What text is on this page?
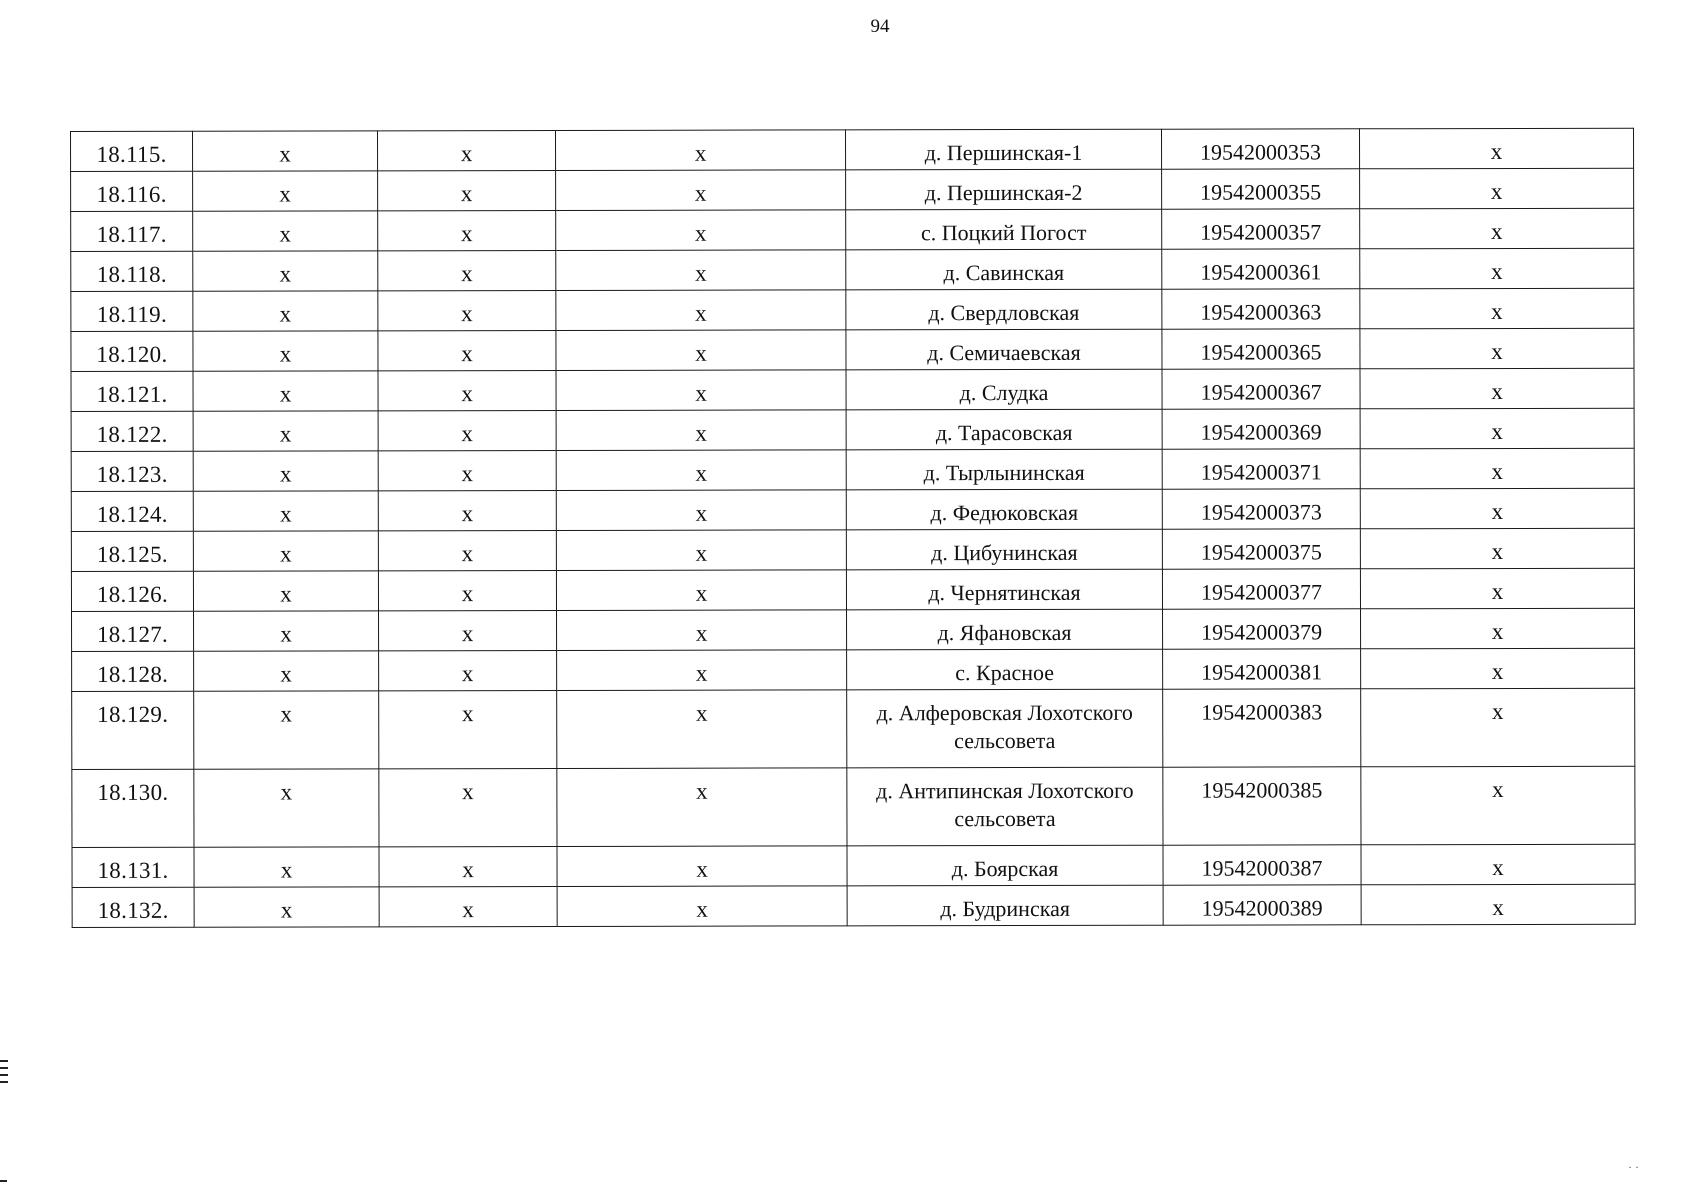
94
18.115.	х	х	х	д. Першинская-1	19542000353	х
18.116.	х	х	х	д. Першинская-2	19542000355	х
18.117.	х	х	х	с. Поцкий Погост	19542000357	х
18.118.	х	х	х	д. Савинская	19542000361	х
18.119.	х	х	х	д. Свердловская	19542000363	х
18.120.	х	х	х	д. Семичаевская	19542000365	х
18.121.	х	х	х	д. Слудка	19542000367	х
18.122.	х	х	х	д. Тарасовская	19542000369	х
18.123.	х	х	х	д. Тырлынинская	19542000371	х
18.124.	х	х	х	д. Федюковская	19542000373	х
18.125.	х	х	х	д. Цибунинская	19542000375	х
18.126.	х	х	х	д. Чернятинская	19542000377	х
18.127.	х	х	х	д. Яфановская	19542000379	х
18.128.	х	х	х	с. Красное	19542000381	х
18.129.	х	х	х	д. Алферовская Лохотского сельсовета	19542000383	х
18.130.	х	х	х	д. Антипинская Лохотского сельсовета	19542000385	х
18.131.	х	х	х	д. Боярская	19542000387	х
18.132.	х	х	х	д. Будринская	19542000389	х
· ·
